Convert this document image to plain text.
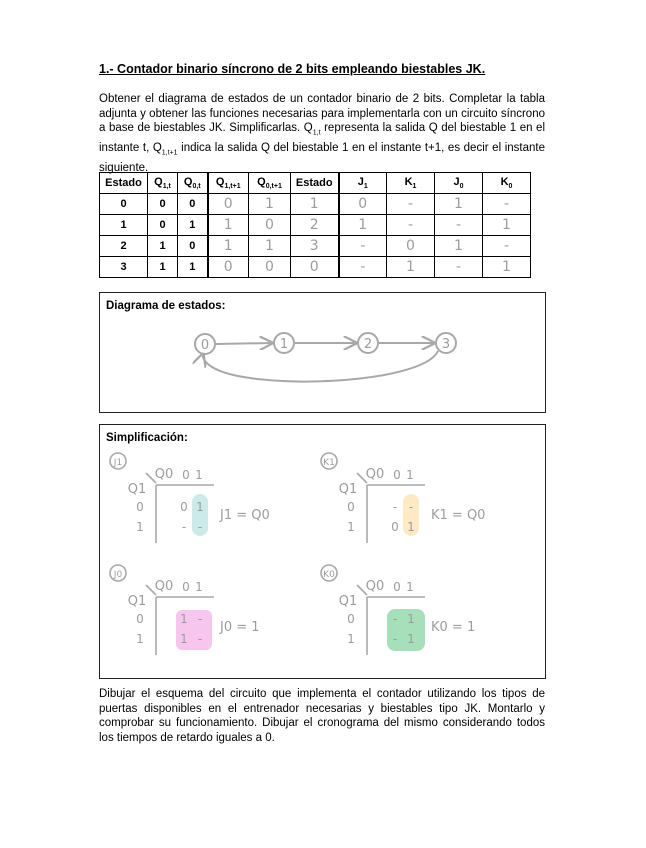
1.- Contador binario síncrono de 2 bits empleando biestables JK.
Obtener el diagrama de estados de un contador binario de 2 bits. Completar la tabla adjunta y obtener las funciones necesarias para implementarla con un circuito síncrono a base de biestables JK. Simplificarlas. $Q_{1,t}$ representa la salida Q del biestable 1 en el instante t, $Q_{1,t+1}$ indica la salida Q del biestable 1 en el instante t+1, es decir el instante siguiente.
Estado	$Q_{1,t}$	$Q_{0,t}$	$Q_{1,t+1}$	$Q_{0,t+1}$	Estado	$J_1$	$K_1$	$J_0$	$K_0$
0	0	0	0	1	1	0	-	1	-
1	0	1	1	0	2	1	-	-	1
2	1	0	1	1	3	-	0	1	-
3	1	1	0	0	0	-	1	-	1
Diagrama de estados:
0	1	2	3
Simplificación:
J1
Q0
Q1
0 1
0
1
0 1
- -
J1 = Q0
K1
Q0
Q1
0 1
0
1
- -
0 1
K1 = Q0
J0
Q0
Q1
0 1
0
1
1 -
1 -
J0 = 1
K0
Q0
Q1
0 1
0
1
- 1
- 1
K0 = 1
Dibujar el esquema del circuito que implementa el contador utilizando los tipos de puertas disponibles en el entrenador necesarias y biestables tipo JK. Montarlo y comprobar su funcionamiento. Dibujar el cronograma del mismo considerando todos los tiempos de retardo iguales a 0.
